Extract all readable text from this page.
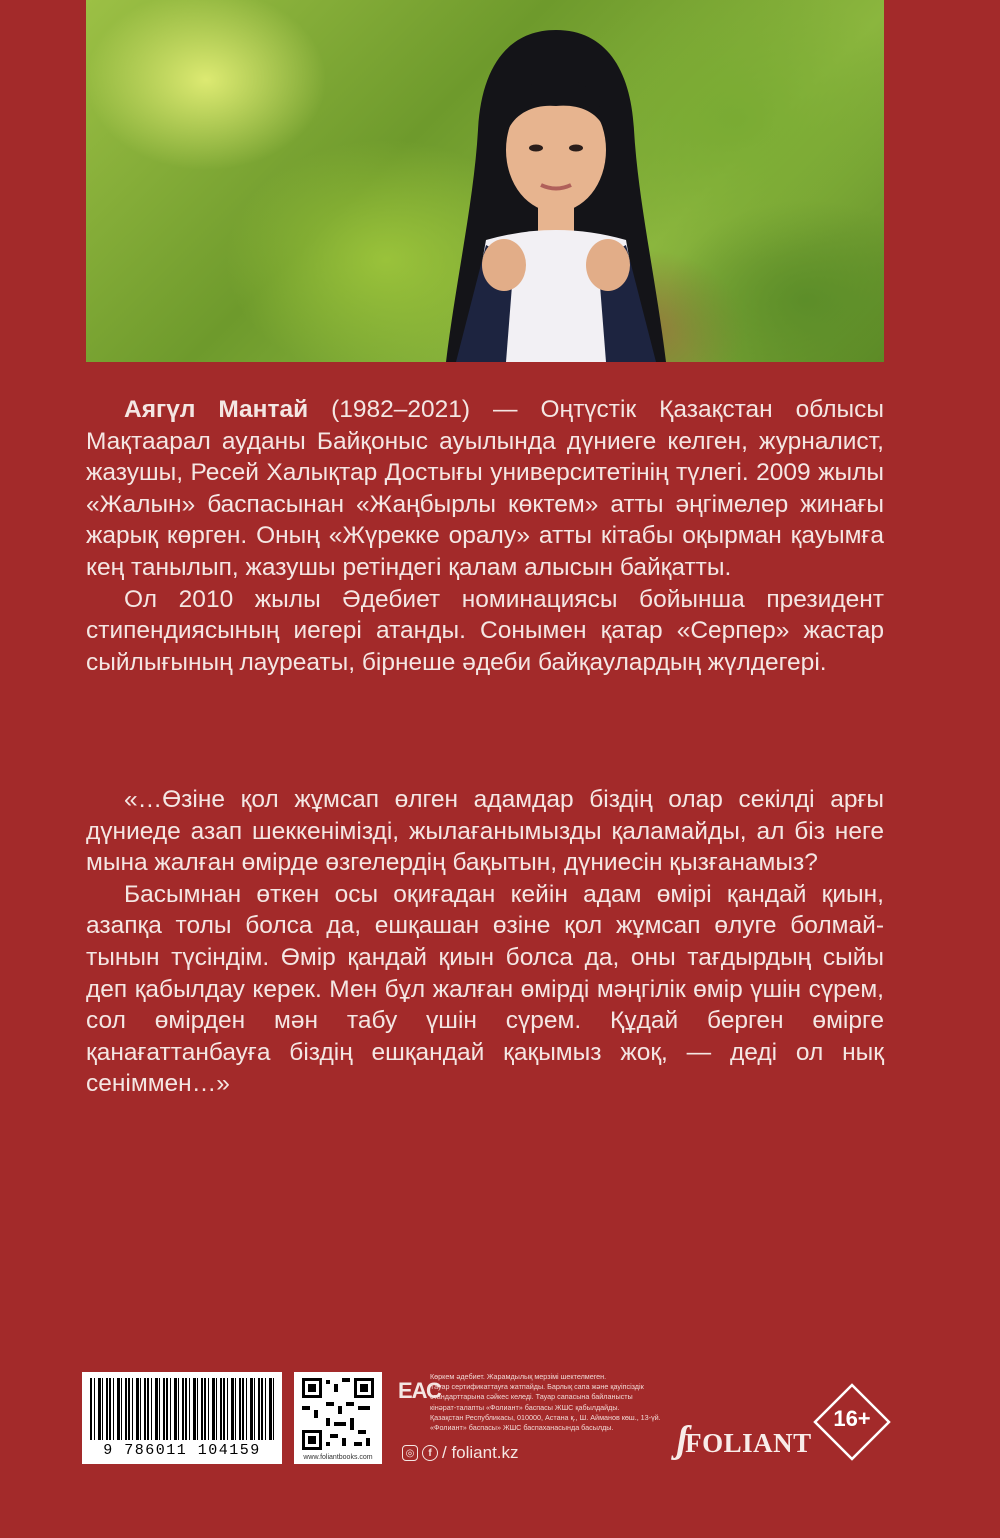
Аягүл Мантай (1982–2021) — Оңтүстік Қазақстан облысы Мақтаарал ауданы Байқоныс ауылында дүниеге келген, журналист, жазушы, Ресей Халықтар Достығы университетінің түлегі. 2009 жылы «Жалын» баспасынан «Жаңбырлы көктем» атты әңгімелер жинағы жарық көрген. Оның «Жүрекке оралу» атты кітабы оқырман қауымға кең танылып, жазушы ретіндегі қалам алысын байқатты.

Ол 2010 жылы Әдебиет номинациясы бойынша президент стипендиясының иегері атанды. Сонымен қатар «Серпер» жастар сыйлығының лауреаты, бірнеше әдеби байқаулардың жүлдегері.

«…Өзіне қол жұмсап өлген адамдар біздің олар секілді арғы дүниеде азап шеккенімізді, жылағанымызды қаламайды, ал біз неге мына жалған өмірде өзгелердің бақытын, дүниесін қызғанамыз?

Басымнан өткен осы оқиғадан кейін адам өмірі қандай қиын, азапқа толы болса да, ешқашан өзіне қол жұмсап өлуге болмайтынын түсіндім. Өмір қандай қиын болса да, оны тағдырдың сыйы деп қабылдау керек. Мен бұл жалған өмірді мәңгілік өмір үшін сүрем, сол өмірден мән табу үшін сүрем. Құдай берген өмірге қанағаттанбауға біздің ешқандай қақымыз жоқ, — деді ол нық сеніммен…»

9 786011 104159	www.foliantbooks.com
ЕАС
Көркем әдебиет. Жарамдылық мерзімі шектелмеген.
Тауар сертификаттауға жатпайды. Барлық сапа және қауіпсіздік
стандарттарына сәйкес келеді. Тауар сапасына байланысты
кінәрат-талапты «Фолиант» баспасы ЖШС қабылдайды.
Қазақстан Республикасы, 010000, Астана қ., Ш. Айманов көш., 13-үй.
«Фолиант» баспасы» ЖШС баспаханасында басылды.
◎	f / foliant.kz	ʃFOLIANT
16+
